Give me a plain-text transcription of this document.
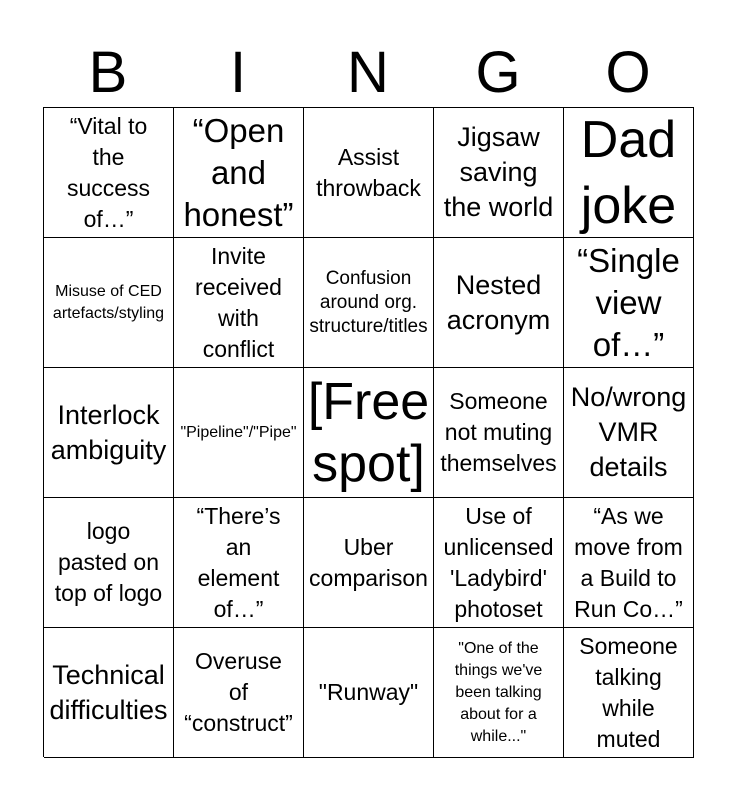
B	I	N	G	O
“Vital to
the
success
of…”
“Open
and
honest”
Assist
throwback
Jigsaw
saving
the world
Dad
joke
Misuse of CED
artefacts/styling
Invite
received
with
conflict
Confusion
around org.
structure/titles
Nested
acronym
“Single
view
of…”
Interlock
ambiguity
"Pipeline"/"Pipe"
[Free
spot]
Someone
not muting
themselves
No/wrong
VMR
details
logo
pasted on
top of logo
“There’s
an
element
of…”
Uber
comparison
Use of
unlicensed
'Ladybird'
photoset
“As we
move from
a Build to
Run Co…”
Technical
difficulties
Overuse
of
“construct”
"Runway"
"One of the
things we've
been talking
about for a
while..."
Someone
talking
while
muted
